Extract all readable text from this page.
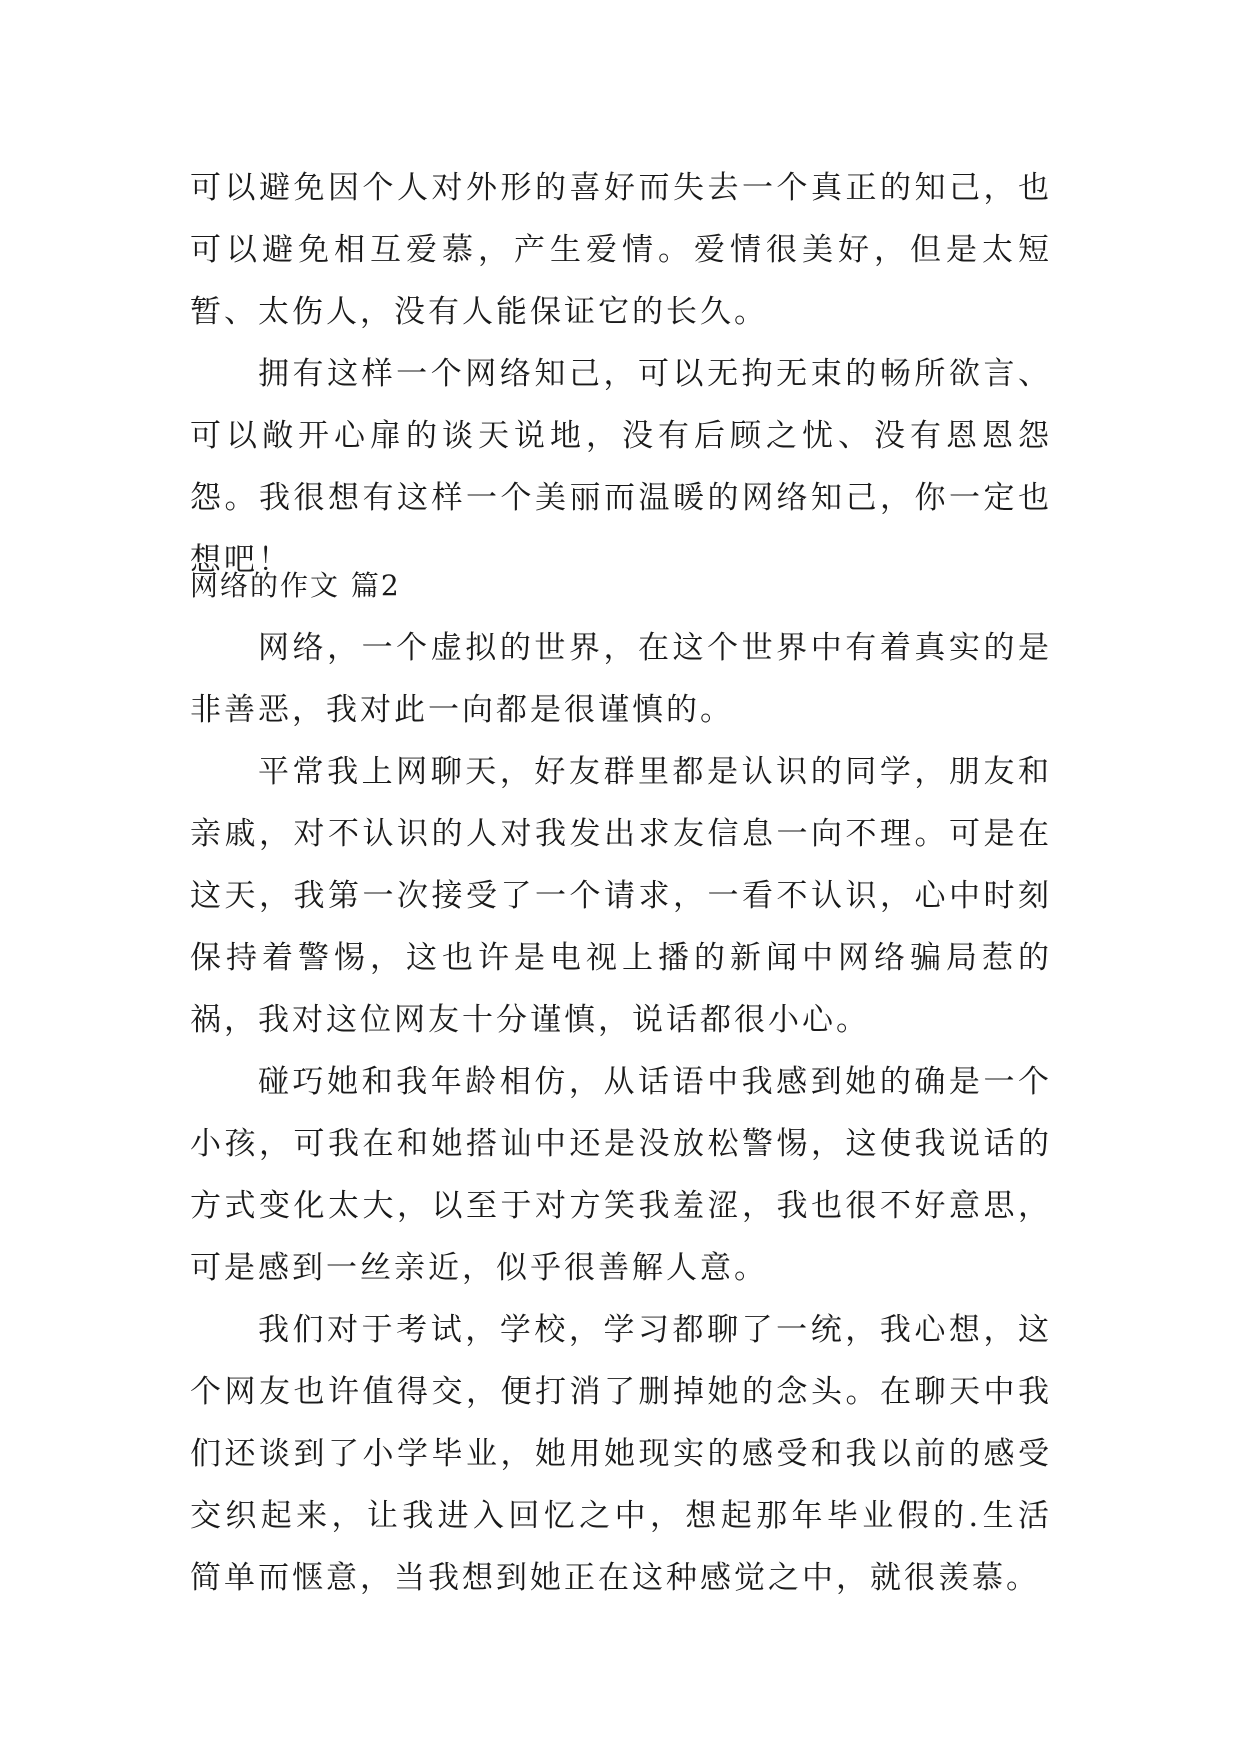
可以避免因个人对外形的喜好而失去一个真正的知己，也可以避免相互爱慕，产生爱情。爱情很美好，但是太短暂、太伤人，没有人能保证它的长久。

拥有这样一个网络知己，可以无拘无束的畅所欲言、可以敞开心扉的谈天说地，没有后顾之忧、没有恩恩怨怨。我很想有这样一个美丽而温暖的网络知己，你一定也想吧！

网络的作文 篇2

网络，一个虚拟的世界，在这个世界中有着真实的是非善恶，我对此一向都是很谨慎的。

平常我上网聊天，好友群里都是认识的同学，朋友和亲戚，对不认识的人对我发出求友信息一向不理。可是在这天，我第一次接受了一个请求，一看不认识，心中时刻保持着警惕，这也许是电视上播的新闻中网络骗局惹的祸，我对这位网友十分谨慎，说话都很小心。

碰巧她和我年龄相仿，从话语中我感到她的确是一个小孩，可我在和她搭讪中还是没放松警惕，这使我说话的方式变化太大，以至于对方笑我羞涩，我也很不好意思，可是感到一丝亲近，似乎很善解人意。

我们对于考试，学校，学习都聊了一统，我心想，这个网友也许值得交，便打消了删掉她的念头。在聊天中我们还谈到了小学毕业，她用她现实的感受和我以前的感受交织起来，让我进入回忆之中，想起那年毕业假的.生活简单而惬意，当我想到她正在这种感觉之中，就很羡慕。
